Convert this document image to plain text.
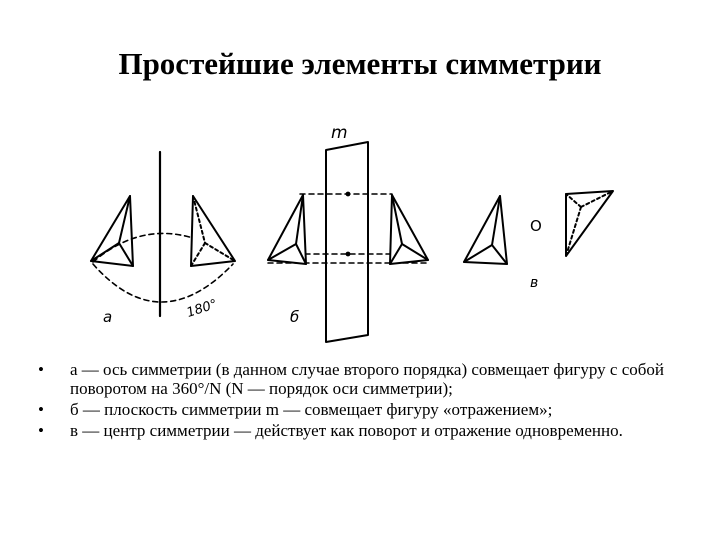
Простейшие элементы симметрии
а	180°	б
m
O
в
• а — ось симметрии (в данном случае второго порядка) совмещает фигуру с собой поворотом на 360°/N (N — порядок оси симметрии);
• б — плоскость симметрии m — совмещает фигуру «отражением»;
• в — центр симметрии — действует как поворот и отражение одновременно.
